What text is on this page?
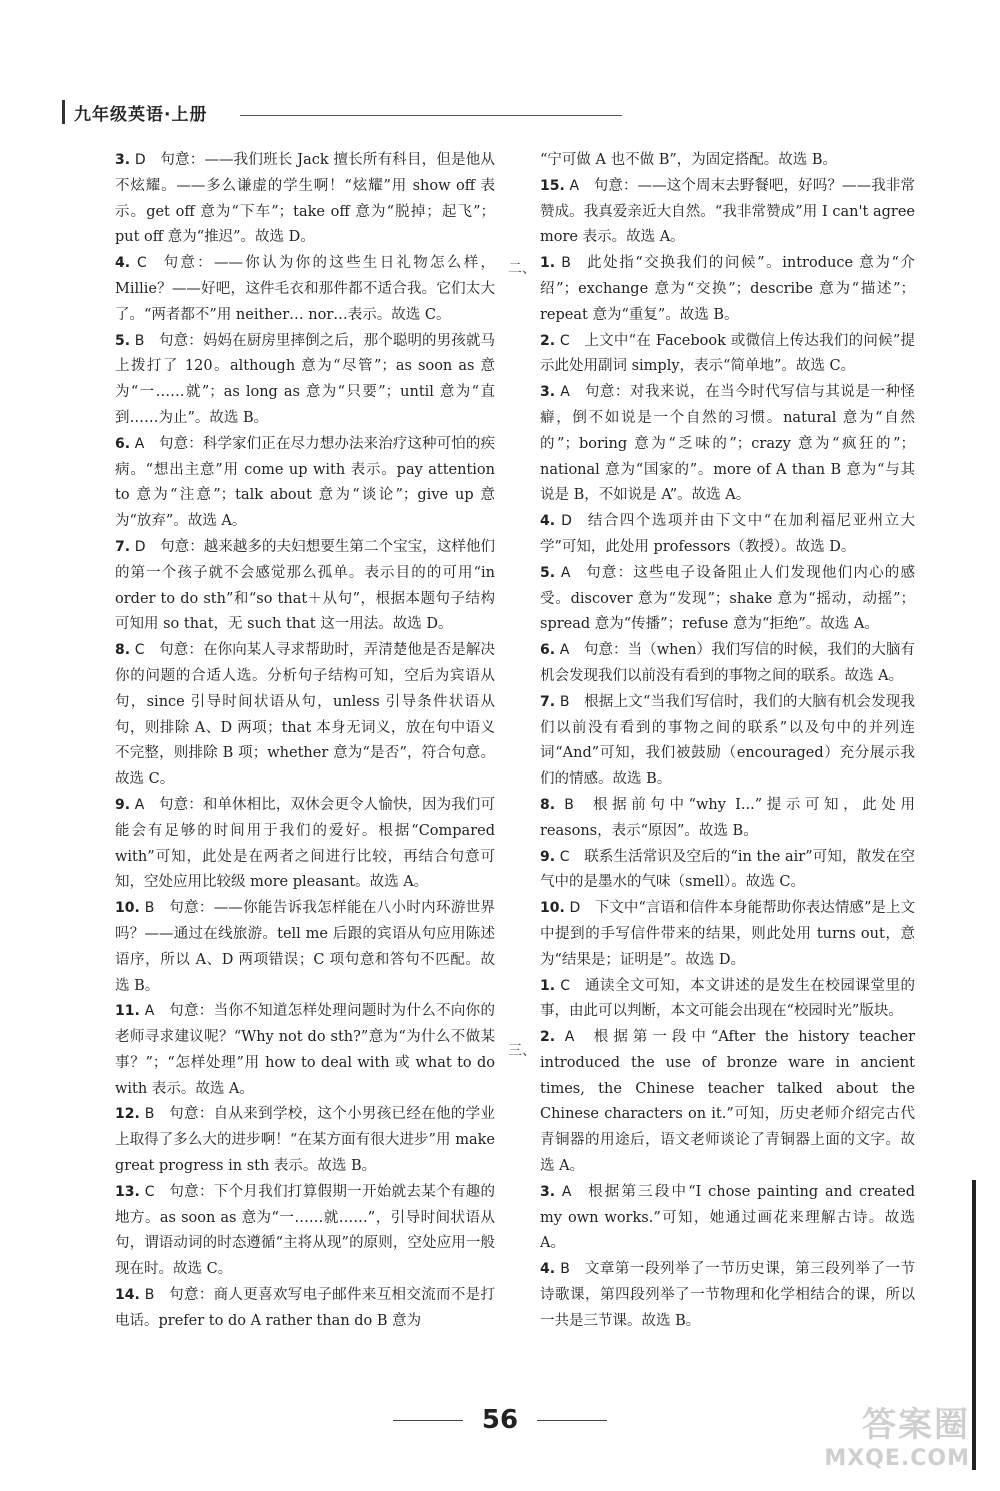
九年级英语·上册
3. D  句意：——我们班长 Jack 擅长所有科目，但是他从不炫耀。——多么谦虚的学生啊！“炫耀”用 show off 表示。get off 意为“下车”；take off 意为“脱掉；起飞”；put off 意为“推迟”。故选 D。
4. C  句意：——你认为你的这些生日礼物怎么样，Millie？——好吧，这件毛衣和那件都不适合我。它们太大了。“两者都不”用 neither… nor…表示。故选 C。
5. B  句意：妈妈在厨房里摔倒之后，那个聪明的男孩就马上拨打了 120。although 意为“尽管”；as soon as 意为“一……就”；as long as 意为“只要”；until 意为“直到……为止”。故选 B。
6. A  句意：科学家们正在尽力想办法来治疗这种可怕的疾病。“想出主意”用 come up with 表示。pay attention to 意为“注意”；talk about 意为“谈论”；give up 意为“放弃”。故选 A。
7. D  句意：越来越多的夫妇想要生第二个宝宝，这样他们的第一个孩子就不会感觉那么孤单。表示目的的可用“in order to do sth”和“so that＋从句”，根据本题句子结构可知用 so that，无 such that 这一用法。故选 D。
8. C  句意：在你向某人寻求帮助时，弄清楚他是否是解决你的问题的合适人选。分析句子结构可知，空后为宾语从句，since 引导时间状语从句，unless 引导条件状语从句，则排除 A、D 两项；that 本身无词义，放在句中语义不完整，则排除 B 项；whether 意为“是否”，符合句意。故选 C。
9. A  句意：和单休相比，双休会更令人愉快，因为我们可能会有足够的时间用于我们的爱好。根据“Compared with”可知，此处是在两者之间进行比较，再结合句意可知，空处应用比较级 more pleasant。故选 A。
10. B  句意：——你能告诉我怎样能在八小时内环游世界吗？——通过在线旅游。tell me 后跟的宾语从句应用陈述语序，所以 A、D 两项错误；C 项句意和答句不匹配。故选 B。
11. A  句意：当你不知道怎样处理问题时为什么不向你的老师寻求建议呢？“Why not do sth?”意为“为什么不做某事？”；“怎样处理”用 how to deal with 或 what to do with 表示。故选 A。
12. B  句意：自从来到学校，这个小男孩已经在他的学业上取得了多么大的进步啊！“在某方面有很大进步”用 make great progress in sth 表示。故选 B。
13. C  句意：下个月我们打算假期一开始就去某个有趣的地方。as soon as 意为“一……就……”，引导时间状语从句，谓语动词的时态遵循“主将从现”的原则，空处应用一般现在时。故选 C。
14. B  句意：商人更喜欢写电子邮件来互相交流而不是打电话。prefer to do A rather than do B 意为
“宁可做 A 也不做 B”，为固定搭配。故选 B。
15. A  句意：——这个周末去野餐吧，好吗？——我非常赞成。我真爱亲近大自然。“我非常赞成”用 I can't agree more 表示。故选 A。
1. B  此处指“交换我们的问候”。introduce 意为“介绍”；exchange 意为“交换”；describe 意为“描述”；repeat 意为“重复”。故选 B。
2. C  上文中“在 Facebook 或微信上传达我们的问候”提示此处用副词 simply，表示“简单地”。故选 C。
3. A  句意：对我来说，在当今时代写信与其说是一种怪癖，倒不如说是一个自然的习惯。natural 意为“自然的”；boring 意为“乏味的”；crazy 意为“疯狂的”；national 意为“国家的”。more of A than B 意为“与其说是 B，不如说是 A”。故选 A。
4. D  结合四个选项并由下文中“在加利福尼亚州立大学”可知，此处用 professors（教授）。故选 D。
5. A  句意：这些电子设备阻止人们发现他们内心的感受。discover 意为“发现”；shake 意为“摇动，动摇”；spread 意为“传播”；refuse 意为“拒绝”。故选 A。
6. A  句意：当（when）我们写信的时候，我们的大脑有机会发现我们以前没有看到的事物之间的联系。故选 A。
7. B  根据上文“当我们写信时，我们的大脑有机会发现我们以前没有看到的事物之间的联系”以及句中的并列连词“And”可知，我们被鼓励（encouraged）充分展示我们的情感。故选 B。
8. B  根据前句中“why I...”提示可知，此处用 reasons，表示“原因”。故选 B。
9. C  联系生活常识及空后的“in the air”可知，散发在空气中的是墨水的气味（smell）。故选 C。
10. D  下文中“言语和信件本身能帮助你表达情感”是上文中提到的手写信件带来的结果，则此处用 turns out，意为“结果是；证明是”。故选 D。
1. C  通读全文可知，本文讲述的是发生在校园课堂里的事，由此可以判断，本文可能会出现在“校园时光”版块。
2. A  根据第一段中“After the history teacher introduced the use of bronze ware in ancient times, the Chinese teacher talked about the Chinese characters on it.”可知，历史老师介绍完古代青铜器的用途后，语文老师谈论了青铜器上面的文字。故选 A。
3. A  根据第三段中“I chose painting and created my own works.”可知，她通过画花来理解古诗。故选 A。
4. B  文章第一段列举了一节历史课，第三段列举了一节诗歌课，第四段列举了一节物理和化学相结合的课，所以一共是三节课。故选 B。
二、
三、
56	答案圈
MXQE.COM
